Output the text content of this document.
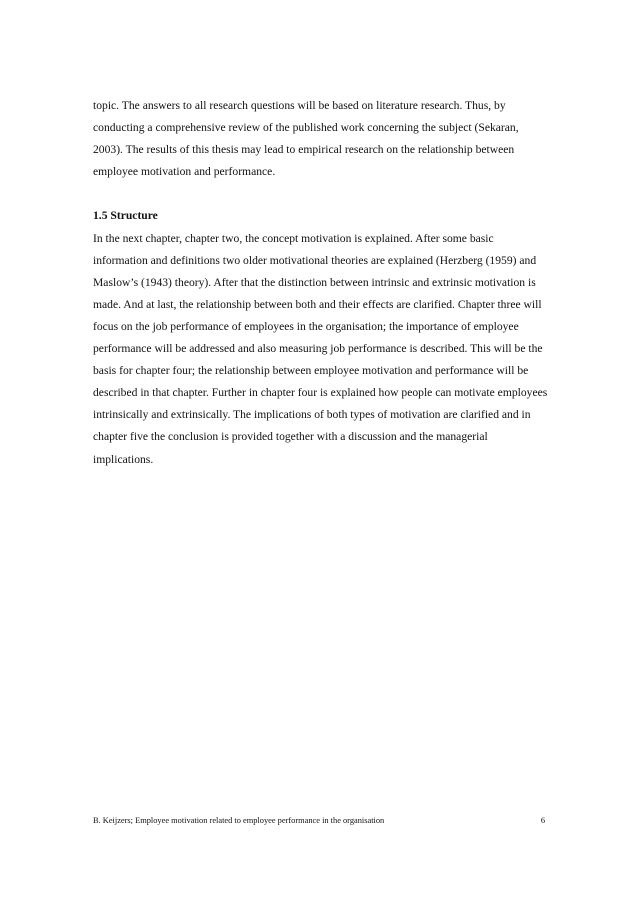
topic. The answers to all research questions will be based on literature research. Thus, by
conducting a comprehensive review of the published work concerning the subject (Sekaran,
2003). The results of this thesis may lead to empirical research on the relationship between
employee motivation and performance.
1.5 Structure
In the next chapter, chapter two, the concept motivation is explained. After some basic
information and definitions two older motivational theories are explained (Herzberg (1959) and
Maslow’s (1943) theory). After that the distinction between intrinsic and extrinsic motivation is
made. And at last, the relationship between both and their effects are clarified. Chapter three will
focus on the job performance of employees in the organisation; the importance of employee
performance will be addressed and also measuring job performance is described. This will be the
basis for chapter four; the relationship between employee motivation and performance will be
described in that chapter. Further in chapter four is explained how people can motivate employees
intrinsically and extrinsically. The implications of both types of motivation are clarified and in
chapter five the conclusion is provided together with a discussion and the managerial
implications.
B. Keijzers; Employee motivation related to employee performance in the organisation	6
